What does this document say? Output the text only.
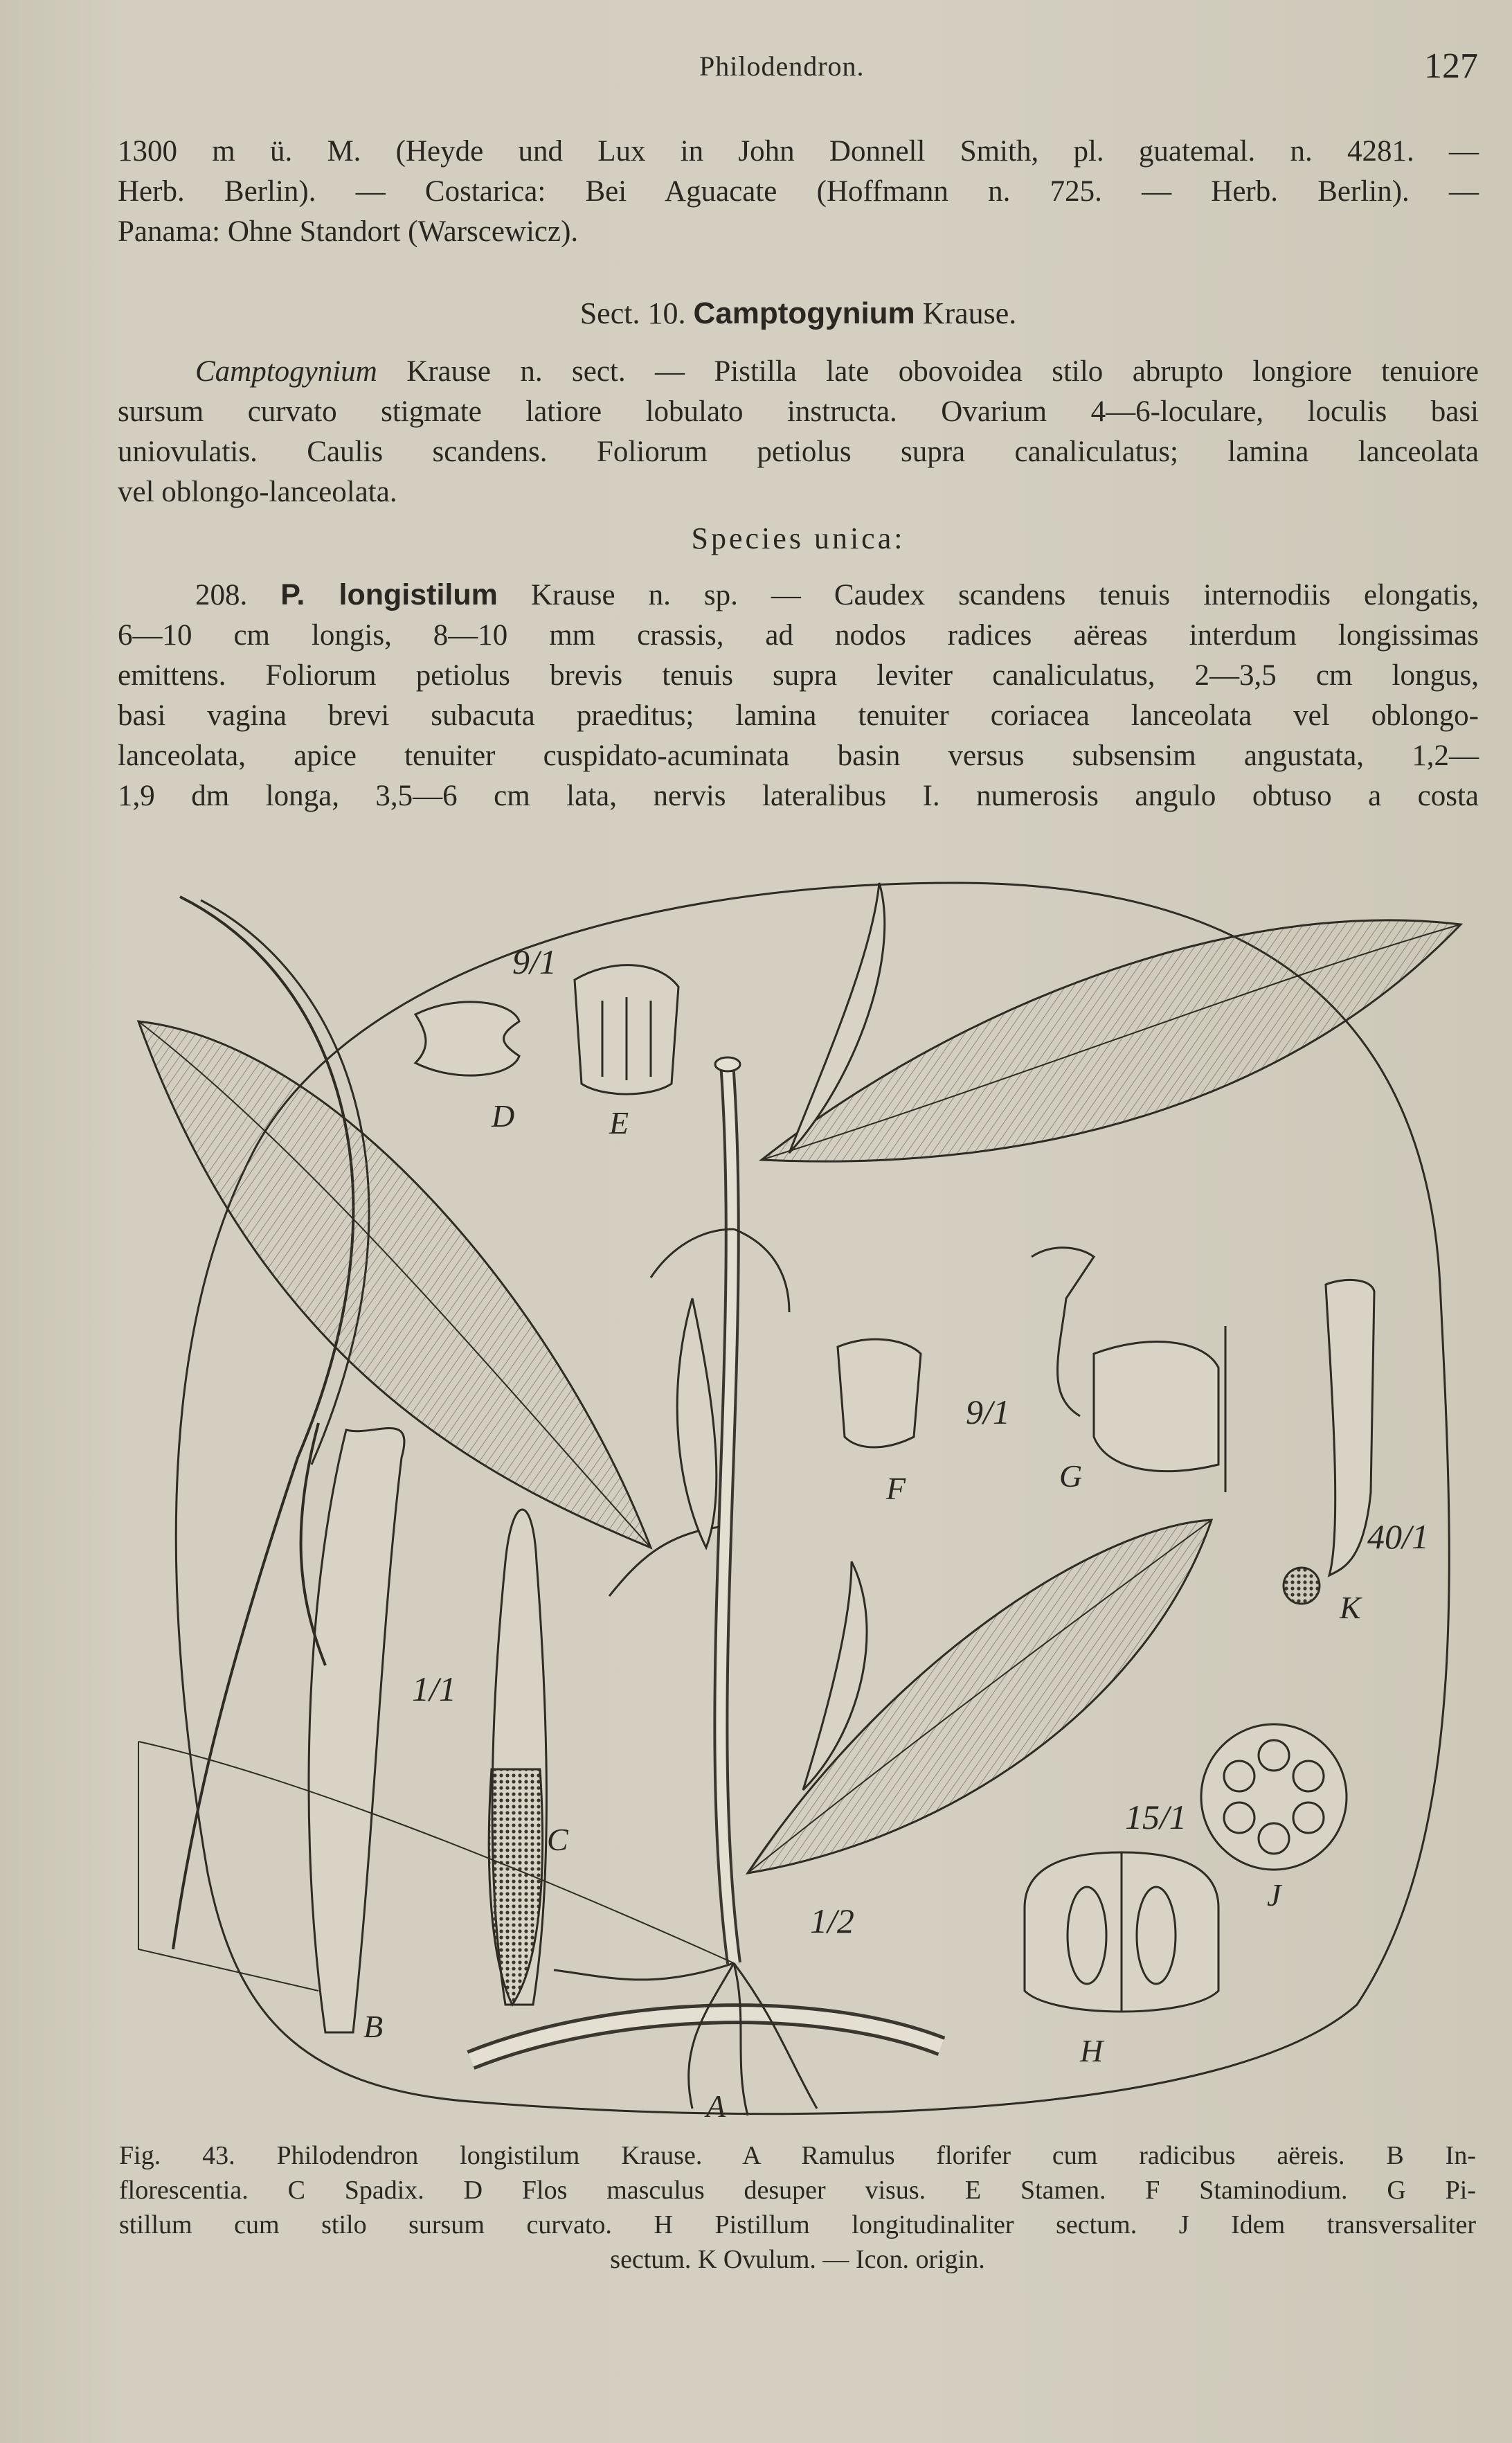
Philodendron.	127
1300 m ü. M. (Heyde und Lux in John Donnell Smith, pl. guatemal. n. 4281. —
Herb. Berlin). — Costarica: Bei Aguacate (Hoffmann n. 725. — Herb. Berlin). —
Panama: Ohne Standort (Warscewicz).
Sect. 10. Camptogynium Krause.
Camptogynium Krause n. sect. — Pistilla late obovoidea stilo abrupto longiore tenuiore
sursum curvato stigmate latiore lobulato instructa. Ovarium 4—6-loculare, loculis basi
uniovulatis. Caulis scandens. Foliorum petiolus supra canaliculatus; lamina lanceolata
vel oblongo-lanceolata.
Species unica:
208. P. longistilum Krause n. sp. — Caudex scandens tenuis internodiis elongatis,
6—10 cm longis, 8—10 mm crassis, ad nodos radices aëreas interdum longissimas
emittens. Foliorum petiolus brevis tenuis supra leviter canaliculatus, 2—3,5 cm longus,
basi vagina brevi subacuta praeditus; lamina tenuiter coriacea lanceolata vel oblongo-
lanceolata, apice tenuiter cuspidato-acuminata basin versus subsensim angustata, 1,2—
1,9 dm longa, 3,5—6 cm lata, nervis lateralibus I. numerosis angulo obtuso a costa
A
B
C
D	E
F	G
H
J
K
9/1
9/1
1/1
1/2
40/1
15/1
Fig. 43. Philodendron longistilum Krause. A Ramulus florifer cum radicibus aëreis. B In-
florescentia. C Spadix. D Flos masculus desuper visus. E Stamen. F Staminodium. G Pi-
stillum cum stilo sursum curvato. H Pistillum longitudinaliter sectum. J Idem transversaliter
sectum. K Ovulum. — Icon. origin.
